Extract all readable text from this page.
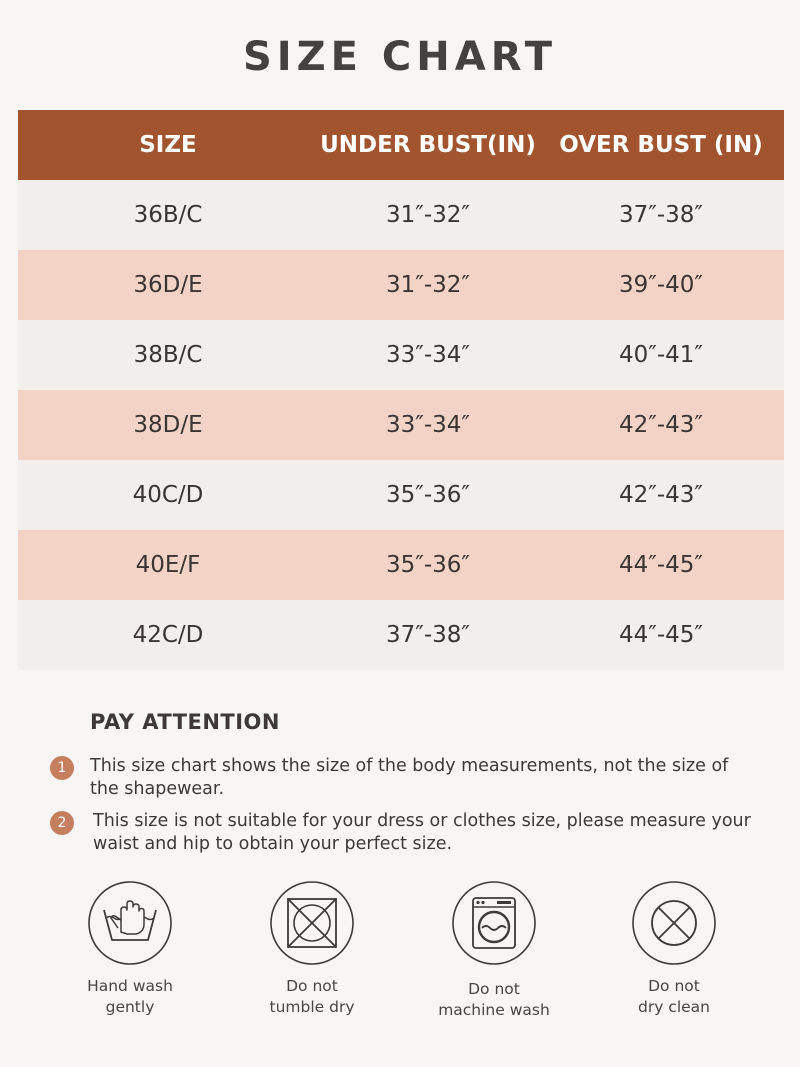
SIZE CHART
SIZE	UNDER BUST(IN)	OVER BUST (IN)
36B/C	31″-32″	37″-38″
36D/E	31″-32″	39″-40″
38B/C	33″-34″	40″-41″
38D/E	33″-34″	42″-43″
40C/D	35″-36″	42″-43″
40E/F	35″-36″	44″-45″
42C/D	37″-38″	44″-45″
PAY ATTENTION
1	This size chart shows the size of the body measurements, not the size of the shapewear.
2	This size is not suitable for your dress or clothes size, please measure your waist and hip to obtain your perfect size.
Hand wash
gently
Do not
tumble dry
Do not
machine wash
Do not
dry clean
